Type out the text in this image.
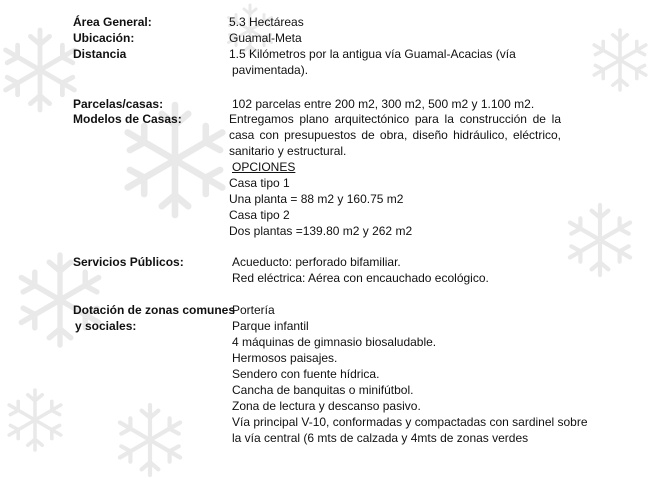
Área General:	5.3 Hectáreas
Ubicación:	Guamal-Meta
Distancia	1.5 Kilómetros por la antigua vía Guamal-Acacias (vía
pavimentada).
Parcelas/casas:	102 parcelas entre 200 m2, 300 m2, 500 m2 y 1.100 m2.
Modelos de Casas:	Entregamos plano arquitectónico para la construcción de la casa con presupuestos de obra, diseño hidráulico, eléctrico, sanitario y estructural.
OPCIONES
Casa tipo 1
Una planta = 88 m2 y 160.75 m2
Casa tipo 2
Dos plantas =139.80 m2 y 262 m2
Servicios Públicos:	Acueducto: perforado bifamiliar.
Red eléctrica: Aérea con encauchado ecológico.
Dotación de zonas comunes
y sociales:
Portería
Parque infantil
4 máquinas de gimnasio biosaludable.
Hermosos paisajes.
Sendero con fuente hídrica.
Cancha de banquitas o minifútbol.
Zona de lectura y descanso pasivo.
Vía principal V-10, conformadas y compactadas con sardinel sobre
la vía central (6 mts de calzada y 4mts de zonas verdes
